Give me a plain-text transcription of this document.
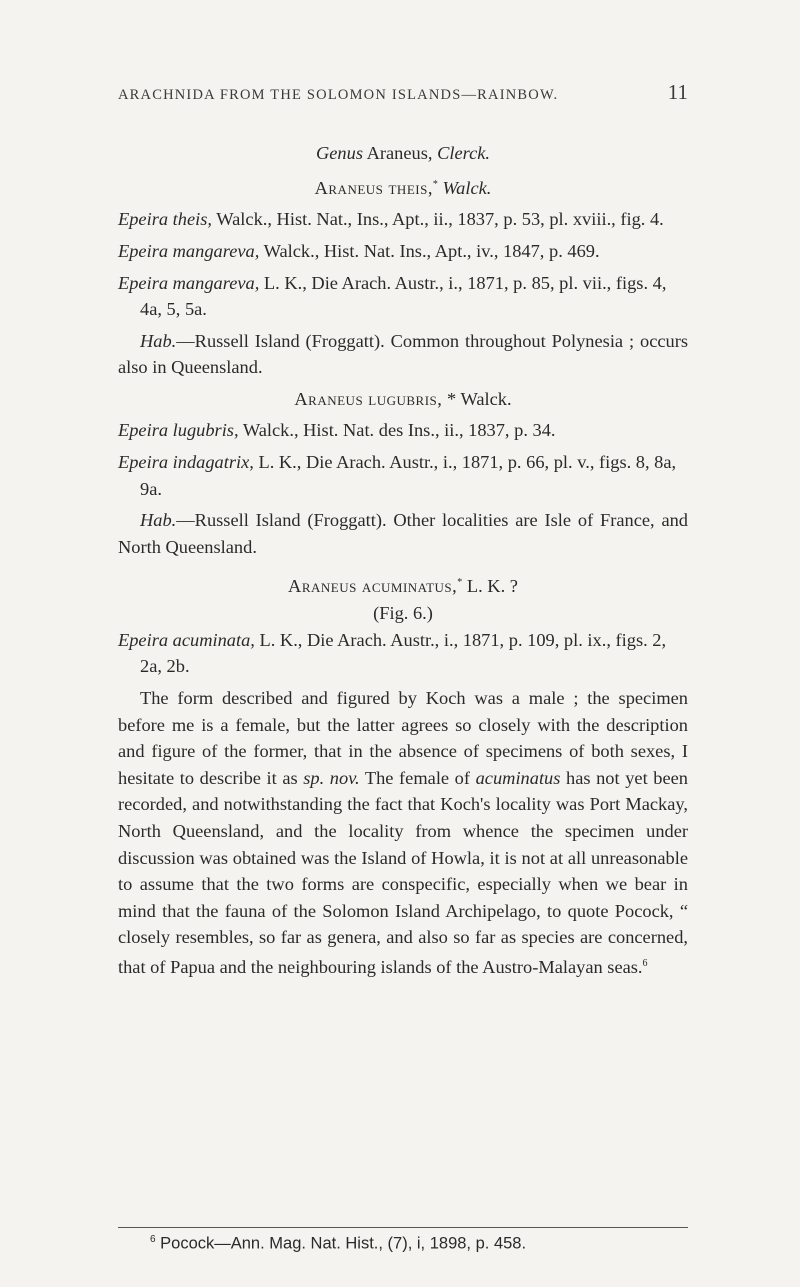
ARACHNIDA FROM THE SOLOMON ISLANDS—RAINBOW.	11

Genus Araneus, Clerck.

Araneus theis,* Walck.

Epeira theis, Walck., Hist. Nat., Ins., Apt., ii., 1837, p. 53, pl. xviii., fig. 4.

Epeira mangareva, Walck., Hist. Nat. Ins., Apt., iv., 1847, p. 469.

Epeira mangareva, L. K., Die Arach. Austr., i., 1871, p. 85, pl. vii., figs. 4, 4a, 5, 5a.

Hab.—Russell Island (Froggatt). Common throughout Polynesia ; occurs also in Queensland.

Araneus lugubris, * Walck.

Epeira lugubris, Walck., Hist. Nat. des Ins., ii., 1837, p. 34.

Epeira indagatrix, L. K., Die Arach. Austr., i., 1871, p. 66, pl. v., figs. 8, 8a, 9a.

Hab.—Russell Island (Froggatt). Other localities are Isle of France, and North Queensland.

Araneus acuminatus,* L. K. ?

(Fig. 6.)

Epeira acuminata, L. K., Die Arach. Austr., i., 1871, p. 109, pl. ix., figs. 2, 2a, 2b.

The form described and figured by Koch was a male ; the specimen before me is a female, but the latter agrees so closely with the description and figure of the former, that in the absence of specimens of both sexes, I hesitate to describe it as sp. nov. The female of acuminatus has not yet been recorded, and notwithstanding the fact that Koch's locality was Port Mackay, North Queensland, and the locality from whence the specimen under discussion was obtained was the Island of Howla, it is not at all unreasonable to assume that the two forms are conspecific, especially when we bear in mind that the fauna of the Solomon Island Archipelago, to quote Pocock, “ closely resembles, so far as genera, and also so far as species are concerned, that of Papua and the neighbouring islands of the Austro-Malayan seas.$^6$

$^6$ Pocock—Ann. Mag. Nat. Hist., (7), i, 1898, p. 458.
